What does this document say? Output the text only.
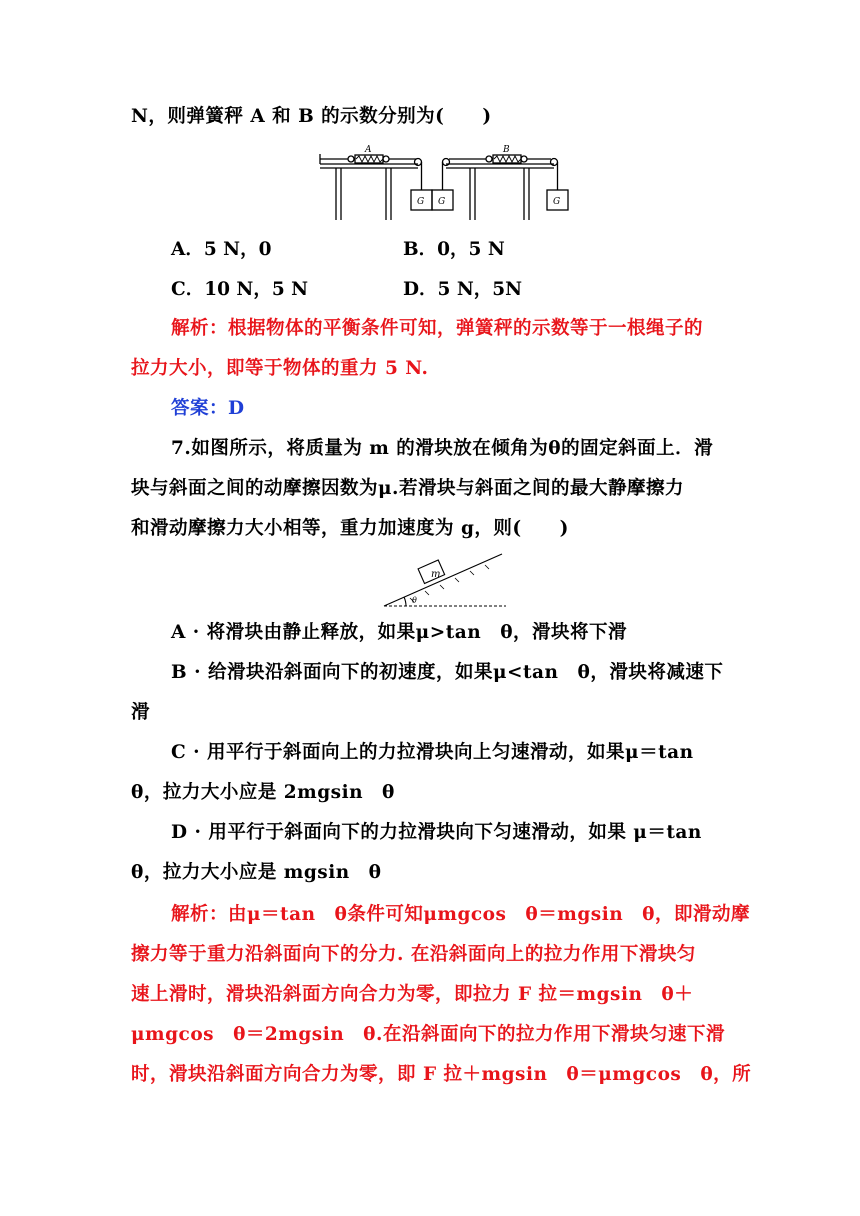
N，则弹簧秤 A 和 B 的示数分别为(　　)
A	B
G G	G
A．5 N，0	B．0，5 N
C．10 N，5 N	D．5 N，5N
解析：根据物体的平衡条件可知，弹簧秤的示数等于一根绳子的
拉力大小，即等于物体的重力 5 N.
答案：D
7.如图所示，将质量为 m 的滑块放在倾角为θ的固定斜面上．滑
块与斜面之间的动摩擦因数为μ.若滑块与斜面之间的最大静摩擦力
和滑动摩擦力大小相等，重力加速度为 g，则(　　)
m
θ
A · 将滑块由静止释放，如果μ>tan　θ，滑块将下滑
B · 给滑块沿斜面向下的初速度，如果μ<tan　θ，滑块将减速下
滑
C · 用平行于斜面向上的力拉滑块向上匀速滑动，如果μ＝tan
θ，拉力大小应是 2mgsin　θ
D · 用平行于斜面向下的力拉滑块向下匀速滑动，如果 μ＝tan
θ，拉力大小应是 mgsin　θ
解析：由μ＝tan　θ条件可知μmgcos　θ＝mgsin　θ，即滑动摩
擦力等于重力沿斜面向下的分力. 在沿斜面向上的拉力作用下滑块匀
速上滑时，滑块沿斜面方向合力为零，即拉力 F 拉＝mgsin　θ＋
μmgcos　θ＝2mgsin　θ.在沿斜面向下的拉力作用下滑块匀速下滑
时，滑块沿斜面方向合力为零，即 F 拉＋mgsin　θ＝μmgcos　θ，所
